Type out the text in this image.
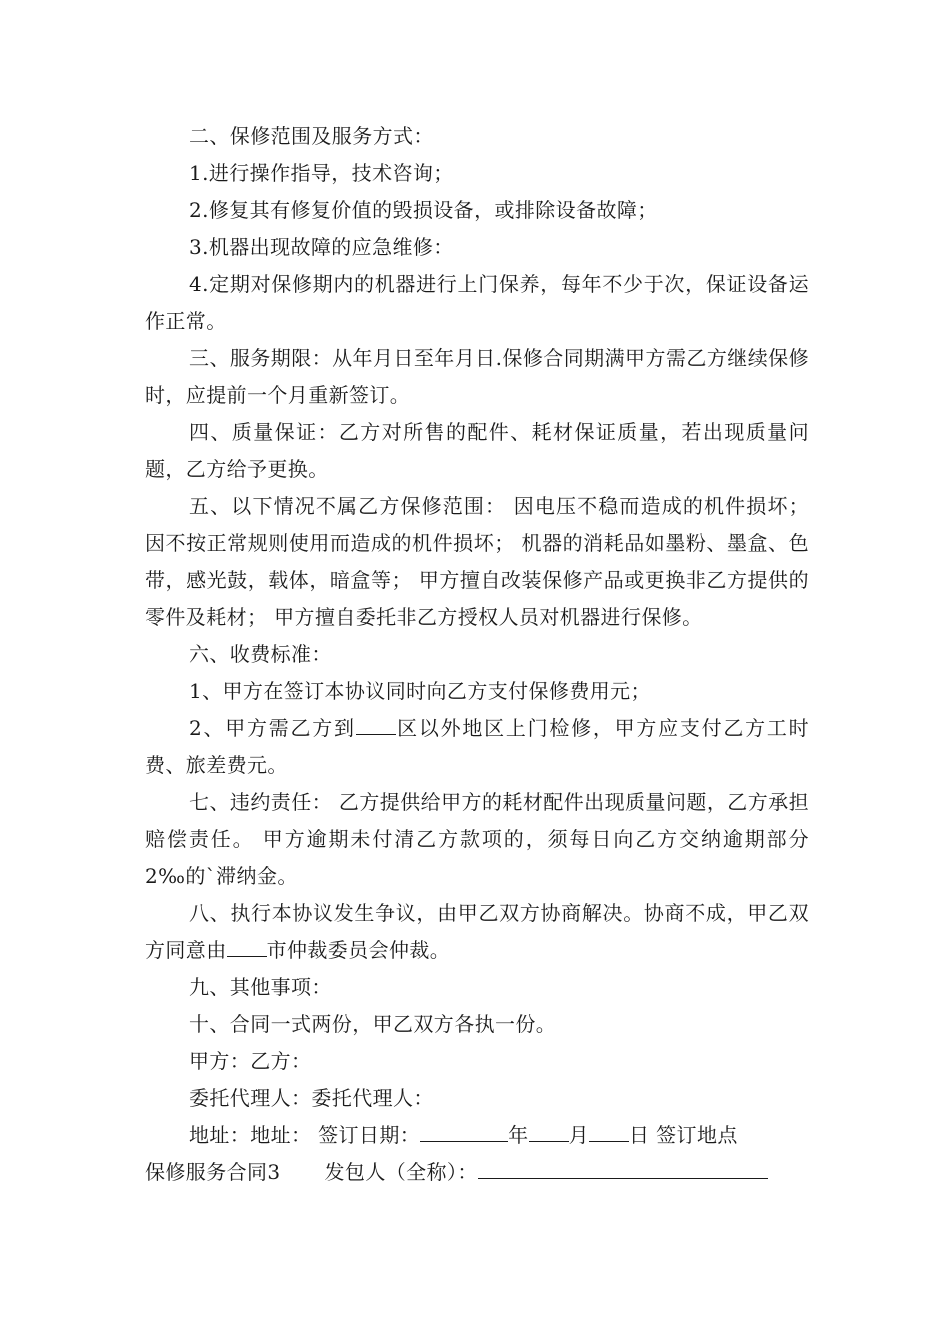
二、保修范围及服务方式：

1.进行操作指导，技术咨询；

2.修复其有修复价值的毁损设备，或排除设备故障；

3.机器出现故障的应急维修：

4.定期对保修期内的机器进行上门保养，每年不少于次，保证设备运作正常。

三、服务期限：从年月日至年月日.保修合同期满甲方需乙方继续保修时，应提前一个月重新签订。

四、质量保证：乙方对所售的配件、耗材保证质量，若出现质量问题，乙方给予更换。

五、以下情况不属乙方保修范围： 因电压不稳而造成的机件损坏； 因不按正常规则使用而造成的机件损坏； 机器的消耗品如墨粉、墨盒、色带，感光鼓，载体，暗盒等； 甲方擅自改装保修产品或更换非乙方提供的零件及耗材； 甲方擅自委托非乙方授权人员对机器进行保修。

六、收费标准：

1、甲方在签订本协议同时向乙方支付保修费用元；

2、甲方需乙方到 区以外地区上门检修，甲方应支付乙方工时费、旅差费元。

七、违约责任： 乙方提供给甲方的耗材配件出现质量问题，乙方承担赔偿责任。 甲方逾期未付清乙方款项的，须每日向乙方交纳逾期部分 2‰的`滞纳金。

八、执行本协议发生争议，由甲乙双方协商解决。协商不成，甲乙双方同意由 市仲裁委员会仲裁。

九、其他事项：

十、合同一式两份，甲乙双方各执一份。

甲方：乙方：

委托代理人：委托代理人：

地址：地址： 签订日期：	年 月 日 签订地点

保修服务合同3 发包人（全称）：
